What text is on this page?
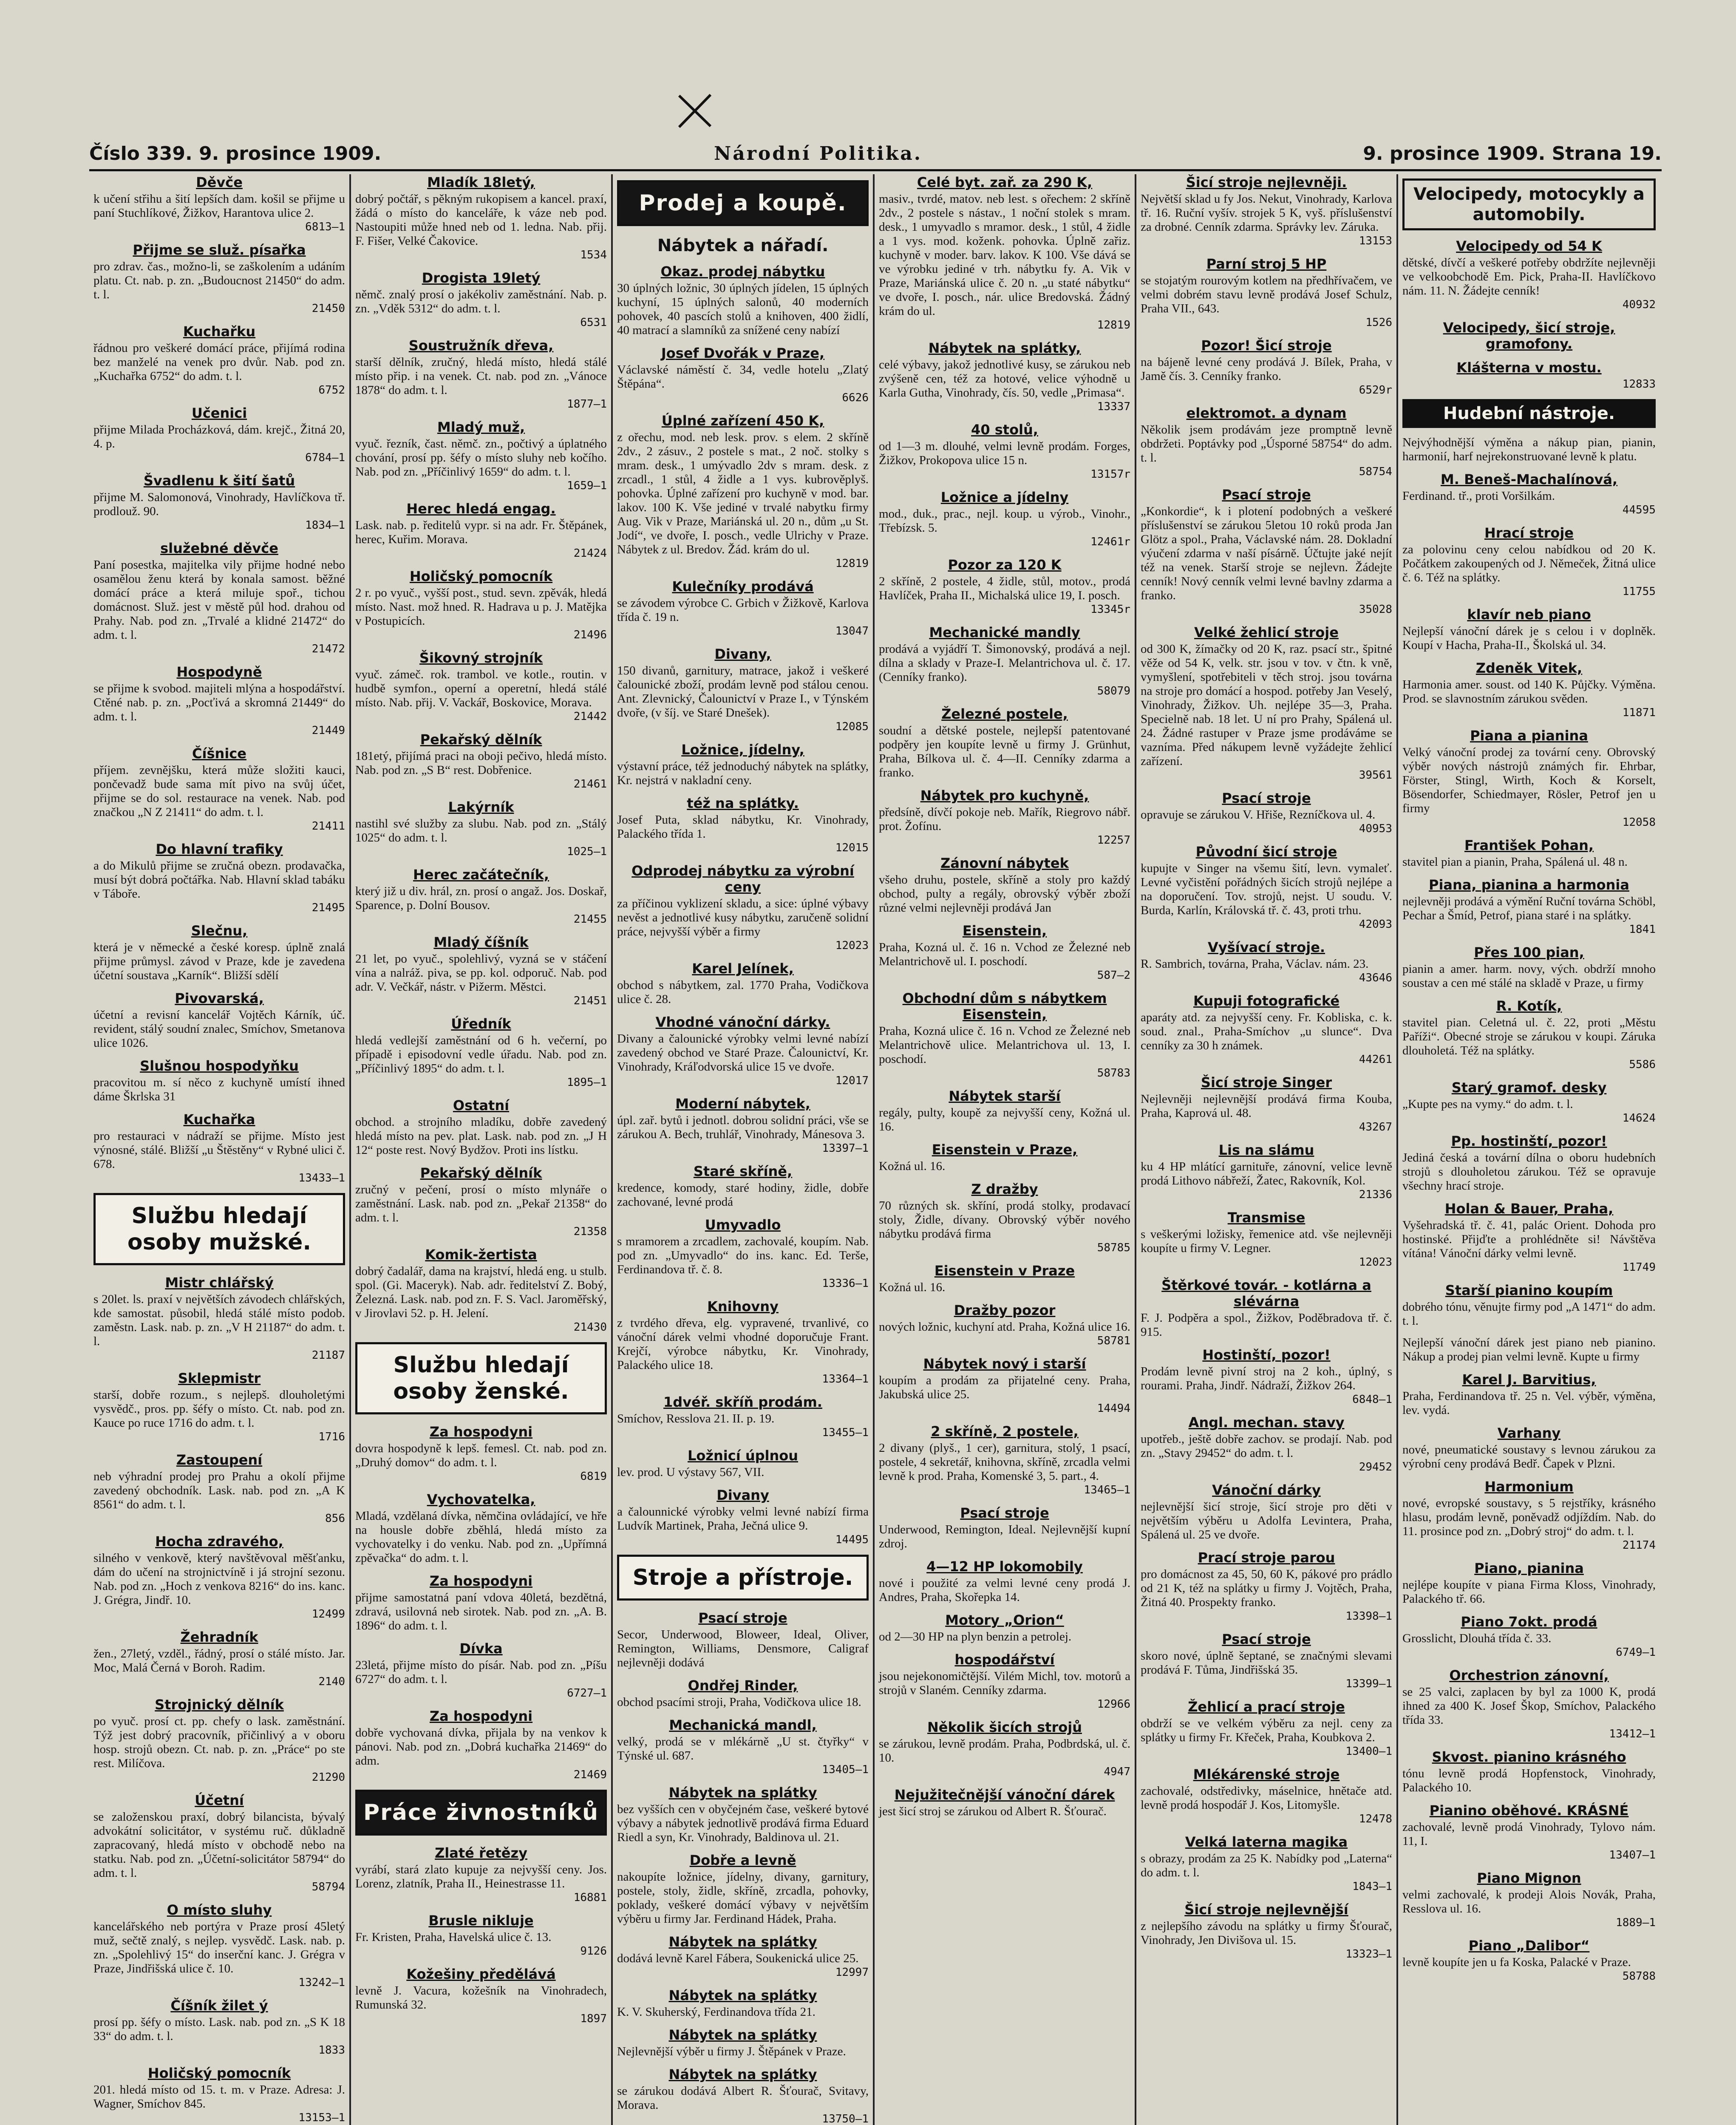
Číslo 339. 9. prosince 1909.	Národní Politika.	9. prosince 1909. Strana 19.
Děvče
k učení střihu a šití lepších dam. košil se přijme u paní Stuchlíkové, Žižkov, Harantova ulice 2.
6813—1
Přijme se služ. písařka
pro zdrav. čas., možno-li, se zaškolením a udáním platu. Ct. nab. p. zn. „Budoucnost 21450“ do adm. t. l.
21450
Kuchařku
řádnou pro veškeré domácí práce, přijímá rodina bez manželé na venek pro dvůr. Nab. pod zn. „Kuchařka 6752“ do adm. t. l.
6752
Učenici
přijme Milada Procházková, dám. krejč., Žitná 20, 4. p.
6784—1
Švadlenu k šití šatů
přijme M. Salomonová, Vinohrady, Havlíčkova tř. prodlouž. 90.
1834—1
služebné děvče
Paní posestka, majitelka vily přijme hodné nebo osamělou ženu která by konala samost. běžné domácí práce a která miluje spoř., tichou domácnost. Služ. jest v městě půl hod. drahou od Prahy. Nab. pod zn. „Trvalé a klidné 21472“ do adm. t. l.
21472
Hospodyně
se přijme k svobod. majiteli mlýna a hospodářství. Ctěné nab. p. zn. „Pocťivá a skromná 21449“ do adm. t. l.
21449
Číšnice
příjem. zevnějšku, která může složiti kauci, pončevadž bude sama mít pivo na svůj účet, přijme se do sol. restaurace na venek. Nab. pod značkou „N Z 21411“ do adm. t. l.
21411
Do hlavní trafiky
a do Mikulů přijme se zručná obezn. prodavačka, musí být dobrá počtářka. Nab. Hlavní sklad tabáku v Táboře.
21495
Slečnu,
která je v německé a české koresp. úplně znalá přijme průmysl. závod v Praze, kde je zavedena účetní soustava „Karník“. Bližší sdělí
Pivovarská,
účetní a revisní kancelář Vojtěch Kárník, úč. revident, stálý soudní znalec, Smíchov, Smetanova ulice 1026.
Slušnou hospodyňku
pracovitou m. sí něco z kuchyně umístí ihned dáme Škrlska 31
Kuchařka
pro restauraci v nádraží se přijme. Místo jest výnosné, stálé. Bližší „u Štěstěny“ v Rybné ulici č. 678.
13433—1
Službu hledají osoby mužské.
Mistr chlářský
s 20let. ls. praxí v největších závodech chlářských, kde samostat. působil, hledá stálé místo podob. zaměstn. Lask. nab. p. zn. „V H 21187“ do adm. t. l.
21187
Sklepmistr
starší, dobře rozum., s nejlepš. dlouholetými vysvědč., pros. pp. šéfy o místo. Ct. nab. pod zn. Kauce po ruce 1716 do adm. t. l.
1716
Zastoupení
neb výhradní prodej pro Prahu a okolí přijme zavedený obchodník. Lask. nab. pod zn. „A K 8561“ do adm. t. l.
856
Hocha zdravého,
silného v venkově, který navštěvoval měšťanku, dám do učení na strojnictvíně i já strojní sezonu. Nab. pod zn. „Hoch z venkova 8216“ do ins. kanc. J. Grégra, Jindř. 10.
12499
Žehradník
žen., 27letý, vzděl., řádný, prosí o stálé místo. Jar. Moc, Malá Černá v Boroh. Radim.
2140
Strojnický dělník
po vyuč. prosí ct. pp. chefy o lask. zaměstnání. Týž jest dobrý pracovník, přičinlivý a v oboru hosp. strojů obezn. Ct. nab. p. zn. „Práce“ po ste rest. Milíčova.
21290
Účetní
se založenskou praxí, dobrý bilancista, bývalý advokátní solicitátor, v systému ruč. důkladně zapracovaný, hledá místo v obchodě nebo na statku. Nab. pod zn. „Účetní-solicitátor 58794“ do adm. t. l.
58794
O místo sluhy
kancelářského neb portýra v Praze prosí 45letý muž, sečtě znalý, s nejlep. vysvědč. Lask. nab. p. zn. „Spolehlivý 15“ do inserční kanc. J. Grégra v Praze, Jindřišská ulice č. 10.
13242—1
Číšník žilet ý
prosí pp. šéfy o místo. Lask. nab. pod zn. „S K 18 33“ do adm. t. l.
1833
Holičský pomocník
201. hledá místo od 15. t. m. v Praze. Adresa: J. Wagner, Smíchov 845.
13153—1
Mladík 18letý,
dobrý počtář, s pěkným rukopisem a kancel. praxí, žádá o místo do kanceláře, k váze neb pod. Nastoupiti může hned neb od 1. ledna. Nab. přij. F. Fišer, Velké Čakovice.
1534
Drogista 19letý
němč. znalý prosí o jakékoliv zaměstnání. Nab. p. zn. „Vděk 5312“ do adm. t. l.
6531
Soustružník dřeva,
starší dělník, zručný, hledá místo, hledá stálé místo přip. i na venek. Ct. nab. pod zn. „Vánoce 1878“ do adm. t. l.
1877—1
Mladý muž,
vyuč. řezník, čast. němč. zn., počtivý a úplatného chování, prosí pp. šéfy o místo sluhy neb kočího. Nab. pod zn. „Příčinlivý 1659“ do adm. t. l.
1659—1
Herec hledá engag.
Lask. nab. p. ředitelů vypr. si na adr. Fr. Štěpánek, herec, Kuřim. Morava.
21424
Holičský pomocník
2 r. po vyuč., vyšší post., stud. sevn. zpěvák, hledá místo. Nast. mož hned. R. Hadrava u p. J. Matějka v Postupicích.
21496
Šikovný strojník
vyuč. zámeč. rok. trambol. ve kotle., routin. v hudbě symfon., operní a operetní, hledá stálé místo. Nab. přij. V. Vackář, Boskovice, Morava.
21442
Pekařský dělník
181etý, přijímá praci na oboji pečivo, hledá místo. Nab. pod zn. „S B“ rest. Dobřenice.
21461
Lakýrník
nastihl své služby za slubu. Nab. pod zn. „Stálý 1025“ do adm. t. l.
1025—1
Herec začátečník,
který již u div. hrál, zn. prosí o angaž. Jos. Doskař, Sparence, p. Dolní Bousov.
21455
Mladý číšník
21 let, po vyuč., spolehlivý, vyzná se v stáčení vína a nalráž. piva, se pp. kol. odporuč. Nab. pod adr. V. Večkář, nástr. v Pižerm. Městci.
21451
Úředník
hledá vedlejší zaměstnání od 6 h. večerní, po případě i episodovní vedle úřadu. Nab. pod zn. „Příčinlivý 1895“ do adm. t. l.
1895—1
Ostatní
obchod. a strojního mladíku, dobře zavedený hledá místo na pev. plat. Lask. nab. pod zn. „J H 12“ poste rest. Nový Bydžov. Proti ins lístku.
Pekařský dělník
zručný v pečení, prosí o místo mlynáře o zaměstnání. Lask. nab. pod zn. „Pekař 21358“ do adm. t. l.
21358
Komik-žertista
dobrý čadalář, dama na krajství, hledá eng. u stulb. spol. (Gi. Maceryk). Nab. adr. ředitelství Z. Bobý, Železná. Lask. nab. pod zn. F. S. Vacl. Jaroměřský, v Jirovlavi 52. p. H. Jelení.
21430
Službu hledají osoby ženské.
Za hospodyni
dovra hospodyně k lepš. femesl. Ct. nab. pod zn. „Druhý domov“ do adm. t. l.
6819
Vychovatelka,
Mladá, vzdělaná dívka, němčina ovládající, ve hře na housle dobře zběhlá, hledá místo za vychovatelky i do venku. Nab. pod zn. „Upřímná zpěvačka“ do adm. t. l.
Za hospodyni
přijme samostatná paní vdova 40letá, bezdětná, zdravá, usilovná neb sirotek. Nab. pod zn. „A. B. 1896“ do adm. t. l.
Dívka
23letá, přijme místo do písár. Nab. pod zn. „Píšu 6727“ do adm. t. l.
6727—1
Za hospodyni
dobře vychovaná dívka, přijala by na venkov k pánovi. Nab. pod zn. „Dobrá kuchařka 21469“ do adm.
21469
Práce živnostníků
Zlaté řetězy
vyrábí, stará zlato kupuje za nejvyšší ceny. Jos. Lorenz, zlatník, Praha II., Heinestrasse 11.
16881
Brusle nikluje
Fr. Kristen, Praha, Havelská ulice č. 13.
9126
Kožešiny předělává
levně J. Vacura, kožešník na Vinohradech, Rumunská 32.
1897
Prodej a koupě.
Nábytek a nářadí.
Okaz. prodej nábytku
30 úplných ložnic, 30 úplných jídelen, 15 úplných kuchyní, 15 úplných salonů, 40 moderních pohovek, 40 pascích stolů a knihoven, 400 židlí, 40 matrací a slamníků za snížené ceny nabízí
Josef Dvořák v Praze,
Václavské náměstí č. 34, vedle hotelu „Zlatý Štěpána“.
6626
Úplné zařízení 450 K,
z ořechu, mod. neb lesk. prov. s elem. 2 skříně 2dv., 2 zásuv., 2 postele s mat., 2 noč. stolky s mram. desk., 1 umývadlo 2dv s mram. desk. z zrcadl., 1 stůl, 4 židle a 1 vys. kubrověplyš. pohovka. Úplné zařízení pro kuchyně v mod. bar. lakov. 100 K. Vše jediné v trvalé nabytku firmy Aug. Vik v Praze, Mariánská ul. 20 n., dům „u St. Jodí“, ve dvoře, I. posch., vedle Ulrichy v Praze. Nábytek z ul. Bredov. Žád. krám do ul.
12819
Kulečníky prodává
se závodem výrobce C. Grbich v Žižkově, Karlova třída č. 19 n.
13047
Divany,
150 divanů, garnitury, matrace, jakož i veškeré čalounické zboží, prodám levně pod stálou cenou. Ant. Zlevnický, Čalounictví v Praze I., v Týnském dvoře, (v šíj. ve Staré Dnešek).
12085
Ložnice, jídelny,
výstavní práce, též jednoduchý nábytek na splátky, Kr. nejstrá v nakladní ceny.
též na splátky.
Josef Puta, sklad nábytku, Kr. Vinohrady, Palackého třída 1.
12015
Odprodej nábytku za výrobní ceny
za příčinou vyklizení skladu, a sice: úplné výbavy nevěst a jednotlivé kusy nábytku, zaručeně solidní práce, nejvyšší výběr a firmy
12023
Karel Jelínek,
obchod s nábytkem, zal. 1770 Praha, Vodičkova ulice č. 28.
Vhodné vánoční dárky.
Divany a čalounické výrobky velmi levné nabízí zavedený obchod ve Staré Praze. Čalounictví, Kr. Vinohrady, Kráľodvorská ulice 15 ve dvoře.
12017
Moderní nábytek,
úpl. zař. bytů i jednotl. dobrou solidní práci, vše se zárukou A. Bech, truhlář, Vinohrady, Mánesova 3.
13397—1
Staré skříně,
kredence, komody, staré hodiny, židle, dobře zachované, levné prodá
Umyvadlo
s mramorem a zrcadlem, zachovalé, koupím. Nab. pod zn. „Umyvadlo“ do ins. kanc. Ed. Terše, Ferdinandova tř. č. 8.
13336—1
Knihovny
z tvrdého dřeva, elg. vypravené, trvanlivé, co vánoční dárek velmi vhodné doporučuje Frant. Krejčí, výrobce nábytku, Kr. Vinohrady, Palackého ulice 18.
13364—1
1dvéř. skříň prodám.
Smíchov, Resslova 21. II. p. 19.
13455—1
Ložnicí úplnou
lev. prod. U výstavy 567, VII.
Divany
a čalounnické výrobky velmi levné nabízí firma Ludvík Martinek, Praha, Ječná ulice 9.
14495
Stroje a přístroje.
Psací stroje
Secor, Underwood, Bloweer, Ideal, Oliver, Remington, Williams, Densmore, Caligraf nejlevněji dodává
Ondřej Rinder,
obchod psacími stroji, Praha, Vodičkova ulice 18.
Mechanická mandl,
velký, prodá se v mlékárně „U st. čtyřky“ v Týnské ul. 687.
13405—1
Nábytek na splátky
bez vyšších cen v obyčejném čase, veškeré bytové výbavy a nábytek jednotlivě prodává firma Eduard Riedl a syn, Kr. Vinohrady, Baldinova ul. 21.
Dobře a levně
nakoupíte ložnice, jídelny, divany, garnitury, postele, stoly, židle, skříně, zrcadla, pohovky, poklady, veškeré domácí výbavy v největším výběru u firmy Jar. Ferdinand Hádek, Praha.
Nábytek na splátky
dodává levně Karel Fábera, Soukenická ulice 25.
12997
Nábytek na splátky
K. V. Skuherský, Ferdinandova třída 21.
Nábytek na splátky
Nejlevnější výběr u firmy J. Štěpánek v Praze.
Nábytek na splátky
se zárukou dodává Albert R. Šťourač, Svitavy, Morava.
13750—1
Celé byt. zař. za 290 K,
masiv., tvrdé, matov. neb lest. s ořechem: 2 skříně 2dv., 2 postele s nástav., 1 noční stolek s mram. desk., 1 umyvadlo s mramor. desk., 1 stůl, 4 židle a 1 vys. mod. koženk. pohovka. Úplně zařiz. kuchyně v moder. barv. lakov. K 100. Vše dává se ve výrobku jediné v trh. nábytku fy. A. Vik v Praze, Mariánská ulice č. 20 n. „u staté nábytku“ ve dvoře, I. posch., nár. ulice Bredovská. Žádný krám do ul.
12819
Nábytek na splátky,
celé výbavy, jakož jednotlivé kusy, se zárukou neb zvýšeně cen, též za hotové, velice výhodně u Karla Gutha, Vinohrady, čís. 50, vedle „Primasa“.
13337
40 stolů,
od 1—3 m. dlouhé, velmi levně prodám. Forges, Žižkov, Prokopova ulice 15 n.
13157r
Ložnice a jídelny
mod., duk., prac., nejl. koup. u výrob., Vinohr., Třebízsk. 5.
12461r
Pozor za 120 K
2 skříně, 2 postele, 4 židle, stůl, motov., prodá Havlíček, Praha II., Michalská ulice 19, I. posch.
13345r
Mechanické mandly
prodává a vyjádří T. Šimonovský, prodává a nejl. dílna a sklady v Praze-I. Melantrichova ul. č. 17. (Cenníky franko).
58079
Železné postele,
soudní a dětské postele, nejlepší patentované podpěry jen koupíte levně u firmy J. Grünhut, Praha, Bílkova ul. č. 4—II. Cenníky zdarma a franko.
Nábytek pro kuchyně,
předsíně, dívčí pokoje neb. Mařík, Riegrovo nábř. prot. Žofínu.
12257
Zánovní nábytek
všeho druhu, postele, skříně a stoly pro každý obchod, pulty a regály, obrovský výběr zboží různé velmi nejlevněji prodává Jan
Eisenstein,
Praha, Kozná ul. č. 16 n. Vchod ze Železné neb Melantrichově ul. I. poschodí.
587—2
Obchodní dům s nábytkem Eisenstein,
Praha, Kozná ulice č. 16 n. Vchod ze Železné neb Melantrichově ulice. Melantrichova ul. 13, I. poschodí.
58783
Nábytek starší
regály, pulty, koupě za nejvyšší ceny, Kožná ul. 16.
Eisenstein v Praze,
Kožná ul. 16.
Z dražby
70 různých sk. skříní, prodá stolky, prodavací stoly, Židle, dívany. Obrovský výběr nového nábytku prodává firma
58785
Eisenstein v Praze
Kožná ul. 16.
Dražby pozor
nových ložnic, kuchyní atd. Praha, Kožná ulice 16.
58781
Nábytek nový i starší
koupím a prodám za přijatelné ceny. Praha, Jakubská ulice 25.
14494
2 skříně, 2 postele,
2 divany (plyš., 1 cer), garnitura, stolý, 1 psací, postele, 4 sekretář, knihovna, skříně, zrcadla velmi levně k prod. Praha, Komenské 3, 5. part., 4.
13465—1
Psací stroje
Underwood, Remington, Ideal. Nejlevnější kupní zdroj.
4—12 HP lokomobily
nové i použité za velmi levné ceny prodá J. Andres, Praha, Skořepka 14.
Motory „Orion“
od 2—30 HP na plyn benzin a petrolej.
hospodářství
jsou nejekonomičtější. Vilém Michl, tov. motorů a strojů v Slaném. Cenníky zdarma.
12966
Několik šicích strojů
se zárukou, levně prodám. Praha, Podbrdská, ul. č. 10.
4947
Nejužitečnější vánoční dárek
jest šicí stroj se zárukou od Albert R. Šťourač.
Šicí stroje nejlevněji.
Největší sklad u fy Jos. Nekut, Vinohrady, Karlova tř. 16. Ruční vyšív. strojek 5 K, vyš. příslušenství za drobné. Cenník zdarma. Správky lev. Záruka.
13153
Parní stroj 5 HP
se stojatým rourovým kotlem na předhřívačem, ve velmi dobrém stavu levně prodává Josef Schulz, Praha VII., 643.
1526
Pozor! Šicí stroje
na bájeně levné ceny prodává J. Bílek, Praha, v Jamě čís. 3. Cenníky franko.
6529r
elektromot. a dynam
Několik jsem prodávám jeze promptně levně obdržeti. Poptávky pod „Úsporné 58754“ do adm. t. l.
58754
Psací stroje
„Konkordie“, k i plotení podobných a veškeré příslušenství se zárukou 5letou 10 roků proda Jan Glötz a spol., Praha, Václavské nám. 28. Dokladní výučení zdarma v naší písárně. Účtujte jaké nejít též na venek. Starší stroje se nejlevn. Žádejte cenník! Nový cenník velmi levné bavlny zdarma a franko.
35028
Velké žehlicí stroje
od 300 K, žímačky od 20 K, raz. psací str., špitné věže od 54 K, velk. str. jsou v tov. v čtn. k vně, vymyšlení, spotřebiteli v těch stroj. jsou továrna na stroje pro domácí a hospod. potřeby Jan Veselý, Vinohrady, Žižkov. Uh. nejlépe 35—3, Praha. Specielně nab. 18 let. U ní pro Prahy, Spálená ul. 24. Žádné rastuper v Praze jsme prodáváme se vazníma. Před nákupem levně vyžádejte žehlicí zařízení.
39561
Psací stroje
opravuje se zárukou V. Hřiše, Rezníčkova ul. 4.
40953
Původní šicí stroje
kupujte v Singer na všemu šití, levn. vymaleť. Levné vyčistění pořádných šicích strojů nejlépe a na doporučení. Tov. strojů, nejst. U soudu. V. Burda, Karlín, Královská tř. č. 43, proti trhu.
42093
Vyšívací stroje.
R. Sambrich, továrna, Praha, Václav. nám. 23.
43646
Kupuji fotografické
aparáty atd. za nejvyšší ceny. Fr. Kobliska, c. k. soud. znal., Praha-Smíchov „u slunce“. Dva cenníky za 30 h známek.
44261
Šicí stroje Singer
Nejlevněji nejlevnější prodává firma Kouba, Praha, Kaprová ul. 48.
43267
Lis na slámu
ku 4 HP mlátící garnituře, zánovní, velice levně prodá Lithovo nábřeží, Žatec, Rakovník, Kol.
21336
Transmise
s veškerými ložisky, řemenice atd. vše nejlevněji koupíte u firmy V. Legner.
12023
Štěrkové továr. - kotlárna a slévárna
F. J. Podpěra a spol., Žižkov, Poděbradova tř. č. 915.
Hostinští, pozor!
Prodám levně pivní stroj na 2 koh., úplný, s rourami. Praha, Jindř. Nádraží, Žižkov 264.
6848—1
Angl. mechan. stavy
upotřeb., ještě dobře zachov. se prodají. Nab. pod zn. „Stavy 29452“ do adm. t. l.
29452
Vánoční dárky
nejlevnější šicí stroje, šicí stroje pro děti v největším výběru u Adolfa Levintera, Praha, Spálená ul. 25 ve dvoře.
Prací stroje parou
pro domácnost za 45, 50, 60 K, pákové pro prádlo od 21 K, též na splátky u firmy J. Vojtěch, Praha, Žitná 40. Prospekty franko.
13398—1
Psací stroje
skoro nové, úplně šeptané, se značnými slevami prodává F. Tůma, Jindřišská 35.
13399—1
Žehlicí a prací stroje
obdrží se ve velkém výběru za nejl. ceny za splátky u firmy Fr. Křeček, Praha, Koubkova 2.
13400—1
Mlékárenské stroje
zachovalé, odstředivky, máselnice, hnětače atd. levně prodá hospodář J. Kos, Litomyšle.
12478
Velká laterna magika
s obrazy, prodám za 25 K. Nabídky pod „Laterna“ do adm. t. l.
1843—1
Šicí stroje nejlevnější
z nejlepšího závodu na splátky u firmy Šťourač, Vinohrady, Jen Divišova ul. 15.
13323—1
Velocipedy, motocykly a automobily.
Velocipedy od 54 K
dětské, dívčí a veškeré potřeby obdržíte nejlevněji ve velkoobchodě Em. Pick, Praha-II. Havlíčkovo nám. 11. N. Žádejte cenník!
40932
Velocipedy, šicí stroje, gramofony.
Klášterna v mostu.
12833
Hudební nástroje.
Nejvýhodnější výměna a nákup pian, pianin, harmonií, harf nejrekonstruované levně k platu.
M. Beneš-Machalínová,
Ferdinand. tř., proti Voršilkám.
44595
Hrací stroje
za polovinu ceny celou nabídkou od 20 K. Počátkem zakoupených od J. Němeček, Žitná ulice č. 6. Též na splátky.
11755
klavír neb piano
Nejlepší vánoční dárek je s celou i v doplněk. Koupí v Hacha, Praha-II., Školská ul. 34.
Zdeněk Vitek,
Harmonia amer. soust. od 140 K. Půjčky. Výměna. Prod. se slavnostním zárukou svěden.
11871
Piana a pianina
Velký vánoční prodej za tovární ceny. Obrovský výběr nových nástrojů známých fir. Ehrbar, Förster, Stingl, Wirth, Koch & Korselt, Bösendorfer, Schiedmayer, Rösler, Petrof jen u firmy
12058
František Pohan,
stavitel pian a pianin, Praha, Spálená ul. 48 n.
Piana, pianina a harmonia
nejlevněji prodává a výmění Ruční továrna Schöbl, Pechar a Šmíd, Petrof, piana staré i na splátky.
1841
Přes 100 pian,
pianin a amer. harm. novy, vých. obdrží mnoho soustav a cen mé stálé na skladě v Praze, u firmy
R. Kotík,
stavitel pian. Celetná ul. č. 22, proti „Městu Paříži“. Obecné stroje se zárukou v koupi. Záruka dlouholetá. Též na splátky.
5586
Starý gramof. desky
„Kupte pes na vymy.“ do adm. t. l.
14624
Pp. hostinští, pozor!
Jediná česká a tovární dílna o oboru hudebních strojů s dlouholetou zárukou. Též se opravuje všechny hrací stroje.
Holan & Bauer, Praha,
Vyšehradská tř. č. 41, palác Orient. Dohoda pro hostinské. Přijďte a prohlédněte si! Návštěva vítána! Vánoční dárky velmi levně.
11749
Starší pianino koupím
dobrého tónu, věnujte firmy pod „A 1471“ do adm. t. l.
Nejlepší vánoční dárek jest piano neb pianino. Nákup a prodej pian velmi levně. Kupte u firmy
Karel J. Barvitius,
Praha, Ferdinandova tř. 25 n. Vel. výběr, výměna, lev. vydá.
Varhany
nové, pneumatické soustavy s levnou zárukou za výrobní ceny prodává Bedř. Čapek v Plzni.
Harmonium
nové, evropské soustavy, s 5 rejstříky, krásného hlasu, prodám levně, poněvadž odjíždím. Nab. do 11. prosince pod zn. „Dobrý stroj“ do adm. t. l.
21174
Piano, pianina
nejlépe koupíte v piana Firma Kloss, Vinohrady, Palackého tř. 66.
Piano 7okt. prodá
Grosslicht, Dlouhá třída č. 33.
6749—1
Orchestrion zánovní,
se 25 valci, zaplacen by byl za 1000 K, prodá ihned za 400 K. Josef Škop, Smíchov, Palackého třída 33.
13412—1
Skvost. pianino krásného
tónu levně prodá Hopfenstock, Vinohrady, Palackého 10.
Pianino oběhové. KRÁSNÉ
zachovalé, levně prodá Vinohrady, Tylovo nám. 11, I.
13407—1
Piano Mignon
velmi zachovalé, k prodeji Alois Novák, Praha, Resslova ul. 16.
1889—1
Piano „Dalibor“
levně koupíte jen u fa Koska, Palacké v Praze.
58788
